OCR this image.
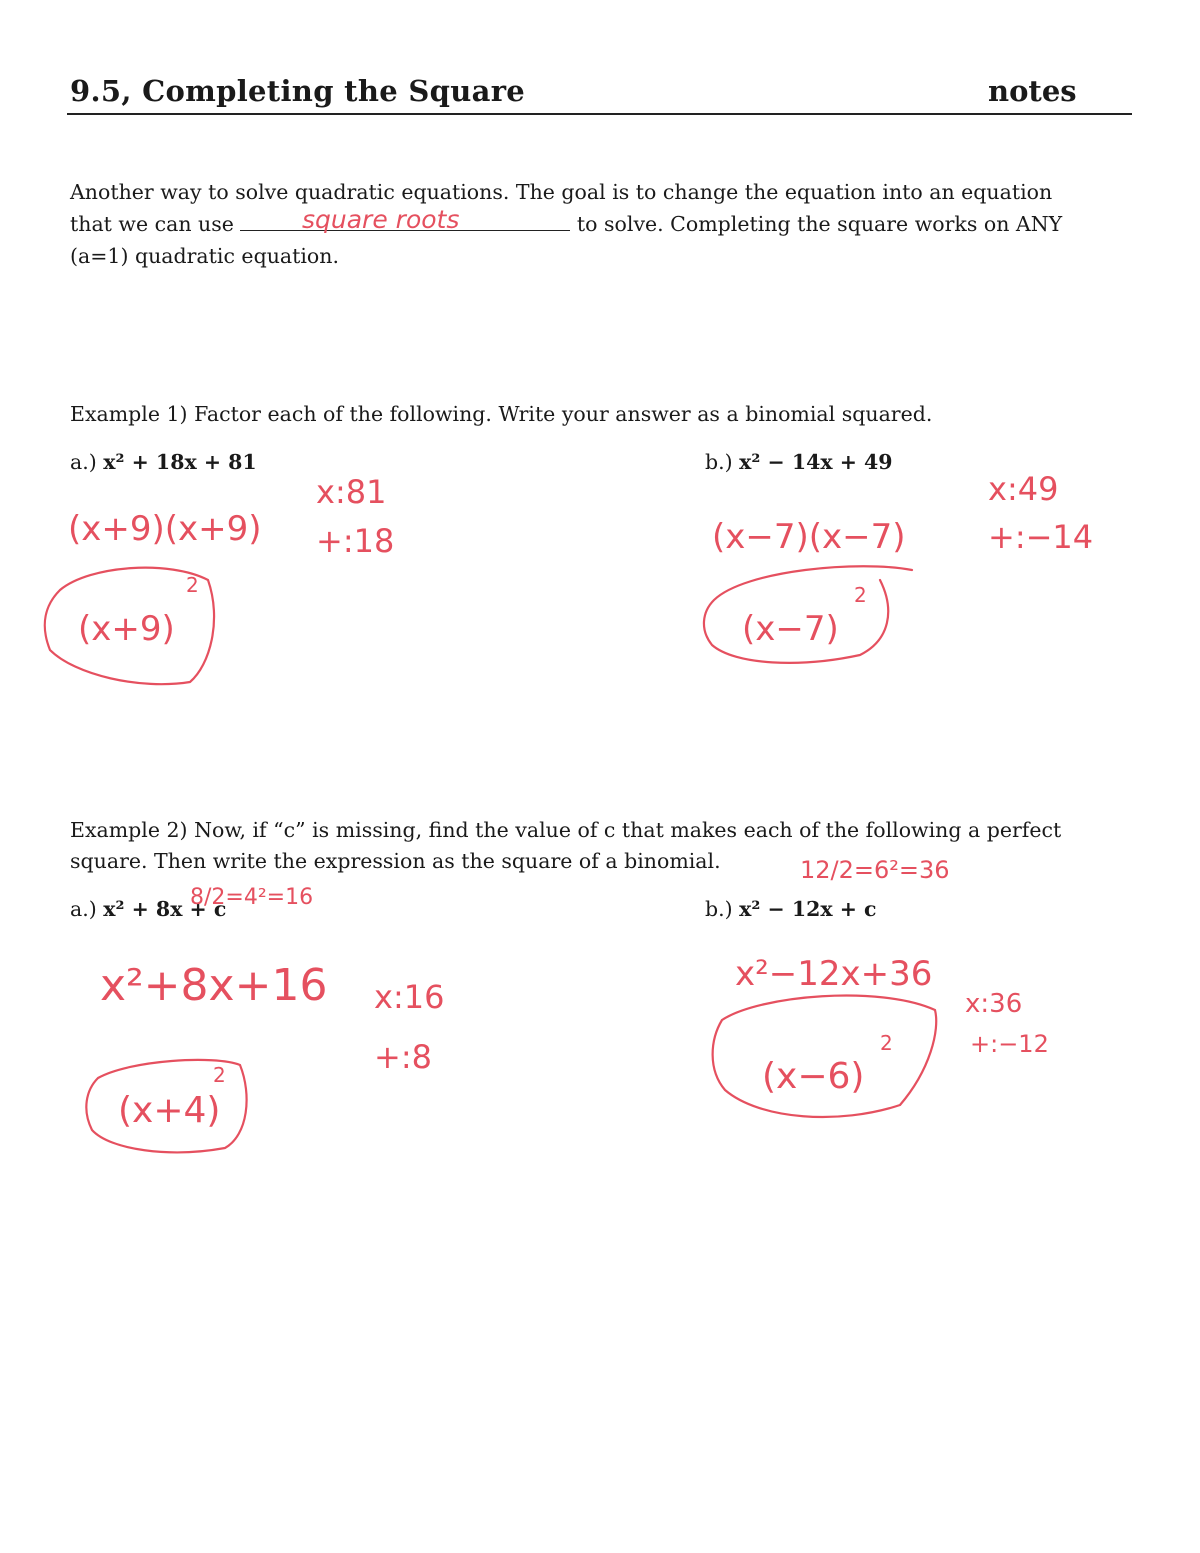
9.5, Completing the Square	notes
Another way to solve quadratic equations. The goal is to change the equation into an equation
that we can use	to solve. Completing the square works on ANY
(a=1) quadratic equation.
Example 1) Factor each of the following. Write your answer as a binomial squared.
a.) x² + 18x + 81	b.) x² − 14x + 49
Example 2) Now, if “c” is missing, find the value of c that makes each of the following a perfect
square. Then write the expression as the square of a binomial.
a.) x² + 8x + c	b.) x² − 12x + c
square roots
(x+9)(x+9)
x:81
+:18
(x+9)
2
(x−7)(x−7)
x:49
+:−14
(x−7)
2
8/2=4²=16
x²+8x+16 x:16
+:8
(x+4)
2
12/2=6²=36
x²−12x+36
x:36
+:−12
(x−6)
2
